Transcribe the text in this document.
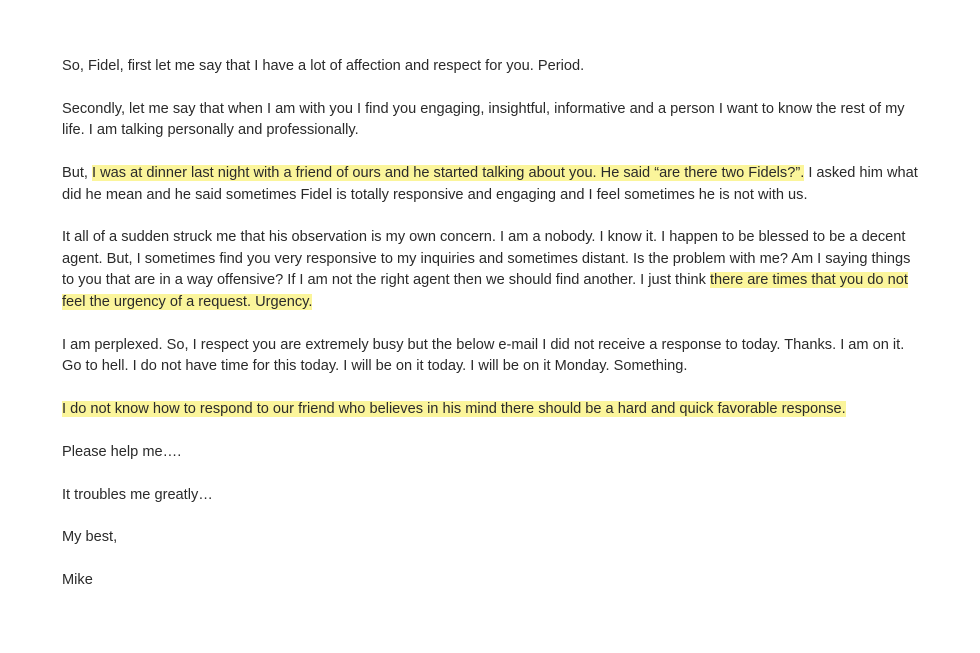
So, Fidel, first let me say that I have a lot of affection and respect for you. Period.

Secondly, let me say that when I am with you I find you engaging, insightful, informative and a person I want to know the rest of my life. I am talking personally and professionally.

But, I was at dinner last night with a friend of ours and he started talking about you. He said “are there two Fidels?”. I asked him what did he mean and he said sometimes Fidel is totally responsive and engaging and I feel sometimes he is not with us.

It all of a sudden struck me that his observation is my own concern. I am a nobody. I know it. I happen to be blessed to be a decent agent. But, I sometimes find you very responsive to my inquiries and sometimes distant. Is the problem with me? Am I saying things to you that are in a way offensive? If I am not the right agent then we should find another. I just think there are times that you do not feel the urgency of a request. Urgency.

I am perplexed. So, I respect you are extremely busy but the below e-mail I did not receive a response to today. Thanks. I am on it. Go to hell. I do not have time for this today. I will be on it today. I will be on it Monday. Something.

I do not know how to respond to our friend who believes in his mind there should be a hard and quick favorable response.

Please help me….

It troubles me greatly…

My best,

Mike
